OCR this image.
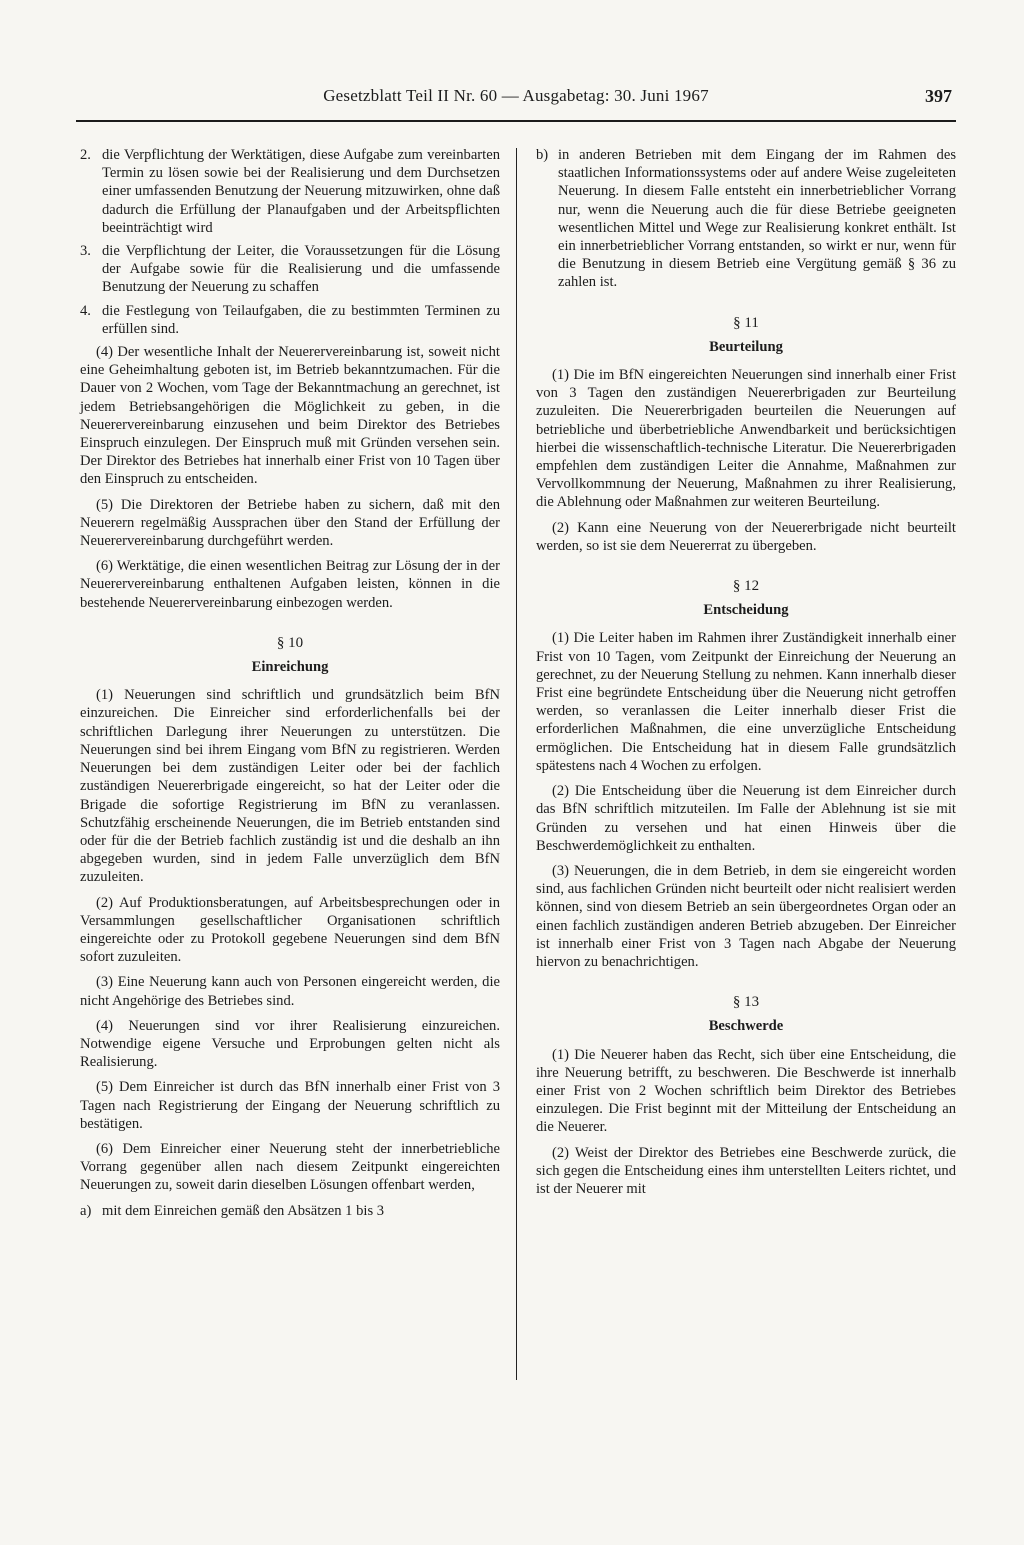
Gesetzblatt Teil II Nr. 60 — Ausgabetag: 30. Juni 1967	397
2. die Verpflichtung der Werktätigen, diese Aufgabe zum vereinbarten Termin zu lösen sowie bei der Realisierung und dem Durchsetzen einer umfassenden Benutzung der Neuerung mitzuwirken, ohne daß dadurch die Erfüllung der Planaufgaben und der Arbeitspflichten beeinträchtigt wird
3. die Verpflichtung der Leiter, die Voraussetzungen für die Lösung der Aufgabe sowie für die Realisierung und die umfassende Benutzung der Neuerung zu schaffen
4. die Festlegung von Teilaufgaben, die zu bestimmten Terminen zu erfüllen sind.

(4) Der wesentliche Inhalt der Neuerervereinbarung ist, soweit nicht eine Geheimhaltung geboten ist, im Betrieb bekanntzumachen. Für die Dauer von 2 Wochen, vom Tage der Bekanntmachung an gerechnet, ist jedem Betriebsangehörigen die Möglichkeit zu geben, in die Neuerervereinbarung einzusehen und beim Direktor des Betriebes Einspruch einzulegen. Der Einspruch muß mit Gründen versehen sein. Der Direktor des Betriebes hat innerhalb einer Frist von 10 Tagen über den Einspruch zu entscheiden.

(5) Die Direktoren der Betriebe haben zu sichern, daß mit den Neuerern regelmäßig Aussprachen über den Stand der Erfüllung der Neuerervereinbarung durchgeführt werden.

(6) Werktätige, die einen wesentlichen Beitrag zur Lösung der in der Neuerervereinbarung enthaltenen Aufgaben leisten, können in die bestehende Neuerervereinbarung einbezogen werden.

§ 10
Einreichung

(1) Neuerungen sind schriftlich und grundsätzlich beim BfN einzureichen. Die Einreicher sind erforderlichenfalls bei der schriftlichen Darlegung ihrer Neuerungen zu unterstützen. Die Neuerungen sind bei ihrem Eingang vom BfN zu registrieren. Werden Neuerungen bei dem zuständigen Leiter oder bei der fachlich zuständigen Neuererbrigade eingereicht, so hat der Leiter oder die Brigade die sofortige Registrierung im BfN zu veranlassen. Schutzfähig erscheinende Neuerungen, die im Betrieb entstanden sind oder für die der Betrieb fachlich zuständig ist und die deshalb an ihn abgegeben wurden, sind in jedem Falle unverzüglich dem BfN zuzuleiten.

(2) Auf Produktionsberatungen, auf Arbeitsbesprechungen oder in Versammlungen gesellschaftlicher Organisationen schriftlich eingereichte oder zu Protokoll gegebene Neuerungen sind dem BfN sofort zuzuleiten.

(3) Eine Neuerung kann auch von Personen eingereicht werden, die nicht Angehörige des Betriebes sind.

(4) Neuerungen sind vor ihrer Realisierung einzureichen. Notwendige eigene Versuche und Erprobungen gelten nicht als Realisierung.

(5) Dem Einreicher ist durch das BfN innerhalb einer Frist von 3 Tagen nach Registrierung der Eingang der Neuerung schriftlich zu bestätigen.

(6) Dem Einreicher einer Neuerung steht der innerbetriebliche Vorrang gegenüber allen nach diesem Zeitpunkt eingereichten Neuerungen zu, soweit darin dieselben Lösungen offenbart werden,

a) mit dem Einreichen gemäß den Absätzen 1 bis 3
b) in anderen Betrieben mit dem Eingang der im Rahmen des staatlichen Informationssystems oder auf andere Weise zugeleiteten Neuerung. In diesem Falle entsteht ein innerbetrieblicher Vorrang nur, wenn die Neuerung auch die für diese Betriebe geeigneten wesentlichen Mittel und Wege zur Realisierung konkret enthält. Ist ein innerbetrieblicher Vorrang entstanden, so wirkt er nur, wenn für die Benutzung in diesem Betrieb eine Vergütung gemäß § 36 zu zahlen ist.
§ 11
Beurteilung

(1) Die im BfN eingereichten Neuerungen sind innerhalb einer Frist von 3 Tagen den zuständigen Neuererbrigaden zur Beurteilung zuzuleiten. Die Neuererbrigaden beurteilen die Neuerungen auf betriebliche und überbetriebliche Anwendbarkeit und berücksichtigen hierbei die wissenschaftlich-technische Literatur. Die Neuererbrigaden empfehlen dem zuständigen Leiter die Annahme, Maßnahmen zur Vervollkommnung der Neuerung, Maßnahmen zu ihrer Realisierung, die Ablehnung oder Maßnahmen zur weiteren Beurteilung.

(2) Kann eine Neuerung von der Neuererbrigade nicht beurteilt werden, so ist sie dem Neuererrat zu übergeben.

§ 12
Entscheidung

(1) Die Leiter haben im Rahmen ihrer Zuständigkeit innerhalb einer Frist von 10 Tagen, vom Zeitpunkt der Einreichung der Neuerung an gerechnet, zu der Neuerung Stellung zu nehmen. Kann innerhalb dieser Frist eine begründete Entscheidung über die Neuerung nicht getroffen werden, so veranlassen die Leiter innerhalb dieser Frist die erforderlichen Maßnahmen, die eine unverzügliche Entscheidung ermöglichen. Die Entscheidung hat in diesem Falle grundsätzlich spätestens nach 4 Wochen zu erfolgen.

(2) Die Entscheidung über die Neuerung ist dem Einreicher durch das BfN schriftlich mitzuteilen. Im Falle der Ablehnung ist sie mit Gründen zu versehen und hat einen Hinweis über die Beschwerdemöglichkeit zu enthalten.

(3) Neuerungen, die in dem Betrieb, in dem sie eingereicht worden sind, aus fachlichen Gründen nicht beurteilt oder nicht realisiert werden können, sind von diesem Betrieb an sein übergeordnetes Organ oder an einen fachlich zuständigen anderen Betrieb abzugeben. Der Einreicher ist innerhalb einer Frist von 3 Tagen nach Abgabe der Neuerung hiervon zu benachrichtigen.

§ 13
Beschwerde

(1) Die Neuerer haben das Recht, sich über eine Entscheidung, die ihre Neuerung betrifft, zu beschweren. Die Beschwerde ist innerhalb einer Frist von 2 Wochen schriftlich beim Direktor des Betriebes einzulegen. Die Frist beginnt mit der Mitteilung der Entscheidung an die Neuerer.

(2) Weist der Direktor des Betriebes eine Beschwerde zurück, die sich gegen die Entscheidung eines ihm unterstellten Leiters richtet, und ist der Neuerer mit
